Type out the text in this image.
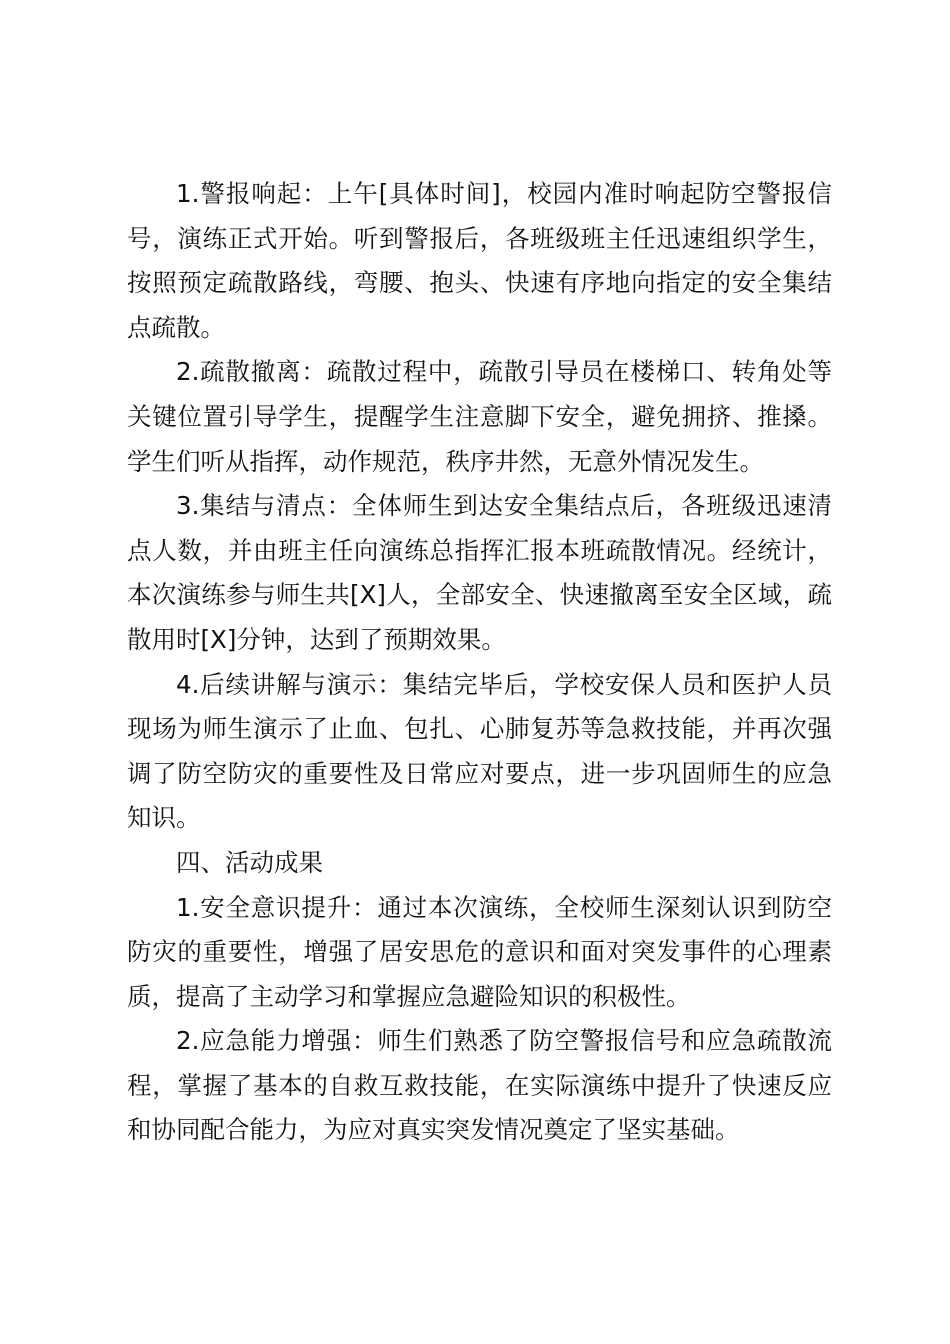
1.警报响起：上午[具体时间]，校园内准时响起防空警报信号，演练正式开始。听到警报后，各班级班主任迅速组织学生，按照预定疏散路线，弯腰、抱头、快速有序地向指定的安全集结点疏散。

2.疏散撤离：疏散过程中，疏散引导员在楼梯口、转角处等关键位置引导学生，提醒学生注意脚下安全，避免拥挤、推搡。学生们听从指挥，动作规范，秩序井然，无意外情况发生。

3.集结与清点：全体师生到达安全集结点后，各班级迅速清点人数，并由班主任向演练总指挥汇报本班疏散情况。经统计，本次演练参与师生共[X]人，全部安全、快速撤离至安全区域，疏散用时[X]分钟，达到了预期效果。

4.后续讲解与演示：集结完毕后，学校安保人员和医护人员现场为师生演示了止血、包扎、心肺复苏等急救技能，并再次强调了防空防灾的重要性及日常应对要点，进一步巩固师生的应急知识。

四、活动成果

1.安全意识提升：通过本次演练，全校师生深刻认识到防空防灾的重要性，增强了居安思危的意识和面对突发事件的心理素质，提高了主动学习和掌握应急避险知识的积极性。

2.应急能力增强：师生们熟悉了防空警报信号和应急疏散流程，掌握了基本的自救互救技能，在实际演练中提升了快速反应和协同配合能力，为应对真实突发情况奠定了坚实基础。
